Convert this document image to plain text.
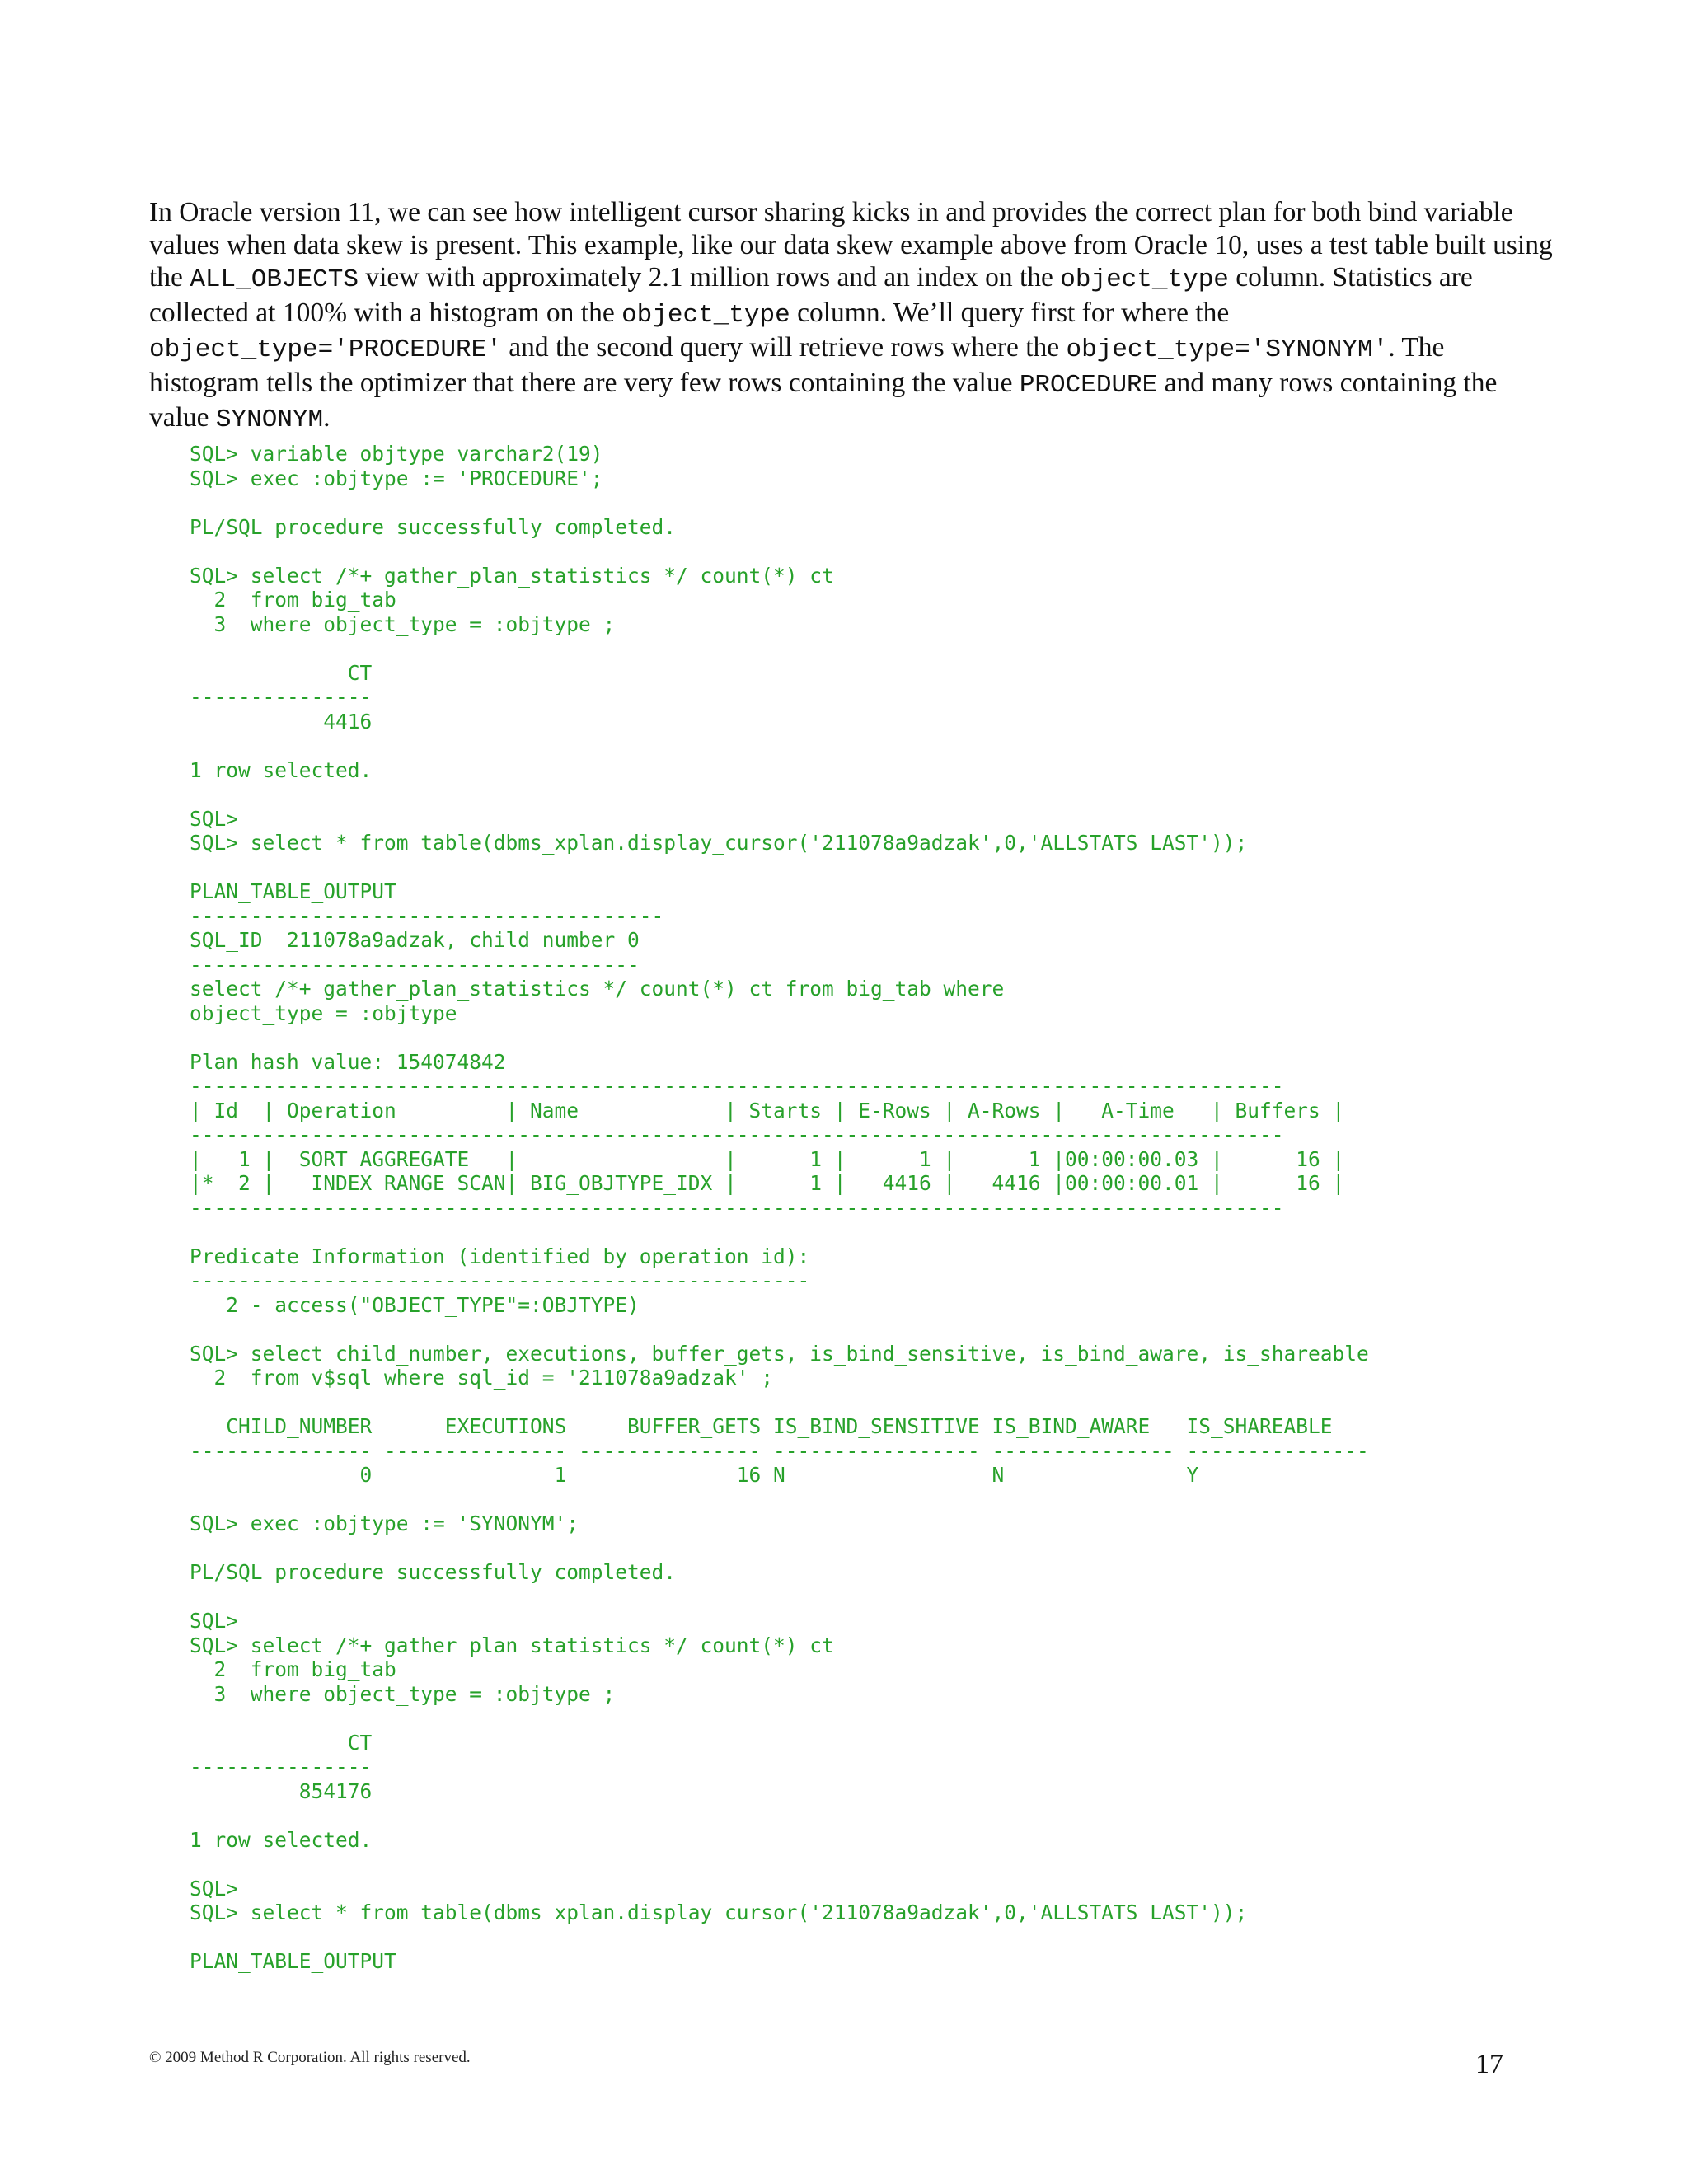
In Oracle version 11, we can see how intelligent cursor sharing kicks in and provides the correct plan for both bind variable values when data skew is present. This example, like our data skew example above from Oracle 10, uses a test table built using the ALL_OBJECTS view with approximately 2.1 million rows and an index on the object_type column. Statistics are collected at 100% with a histogram on the object_type column. We’ll query first for where the object_type='PROCEDURE' and the second query will retrieve rows where the object_type='SYNONYM'. The histogram tells the optimizer that there are very few rows containing the value PROCEDURE and many rows containing the value SYNONYM.

SQL> variable objtype varchar2(19)
SQL> exec :objtype := 'PROCEDURE';

PL/SQL procedure successfully completed.

SQL> select /*+ gather_plan_statistics */ count(*) ct
2  from big_tab
3  where object_type = :objtype ;

CT
---------------
4416

1 row selected.

SQL>
SQL> select * from table(dbms_xplan.display_cursor('211078a9adzak',0,'ALLSTATS LAST'));

PLAN_TABLE_OUTPUT
---------------------------------------
SQL_ID  211078a9adzak, child number 0
-------------------------------------
select /*+ gather_plan_statistics */ count(*) ct from big_tab where
object_type = :objtype

Plan hash value: 154074842
------------------------------------------------------------------------------------------
| Id  | Operation         | Name            | Starts | E-Rows | A-Rows |   A-Time   | Buffers |
------------------------------------------------------------------------------------------
|   1 |  SORT AGGREGATE   |                 |      1 |      1 |      1 |00:00:00.03 |      16 |
|*  2 |   INDEX RANGE SCAN| BIG_OBJTYPE_IDX |      1 |   4416 |   4416 |00:00:00.01 |      16 |
------------------------------------------------------------------------------------------

Predicate Information (identified by operation id):
---------------------------------------------------
2 - access("OBJECT_TYPE"=:OBJTYPE)

SQL> select child_number, executions, buffer_gets, is_bind_sensitive, is_bind_aware, is_shareable
2  from v$sql where sql_id = '211078a9adzak' ;

CHILD_NUMBER      EXECUTIONS     BUFFER_GETS IS_BIND_SENSITIVE IS_BIND_AWARE   IS_SHAREABLE
--------------- --------------- --------------- ----------------- --------------- ---------------
0               1              16 N                 N               Y

SQL> exec :objtype := 'SYNONYM';

PL/SQL procedure successfully completed.

SQL>
SQL> select /*+ gather_plan_statistics */ count(*) ct
2  from big_tab
3  where object_type = :objtype ;

CT
---------------
854176

1 row selected.

SQL>
SQL> select * from table(dbms_xplan.display_cursor('211078a9adzak',0,'ALLSTATS LAST'));

PLAN_TABLE_OUTPUT

© 2009 Method R Corporation. All rights reserved.	17
